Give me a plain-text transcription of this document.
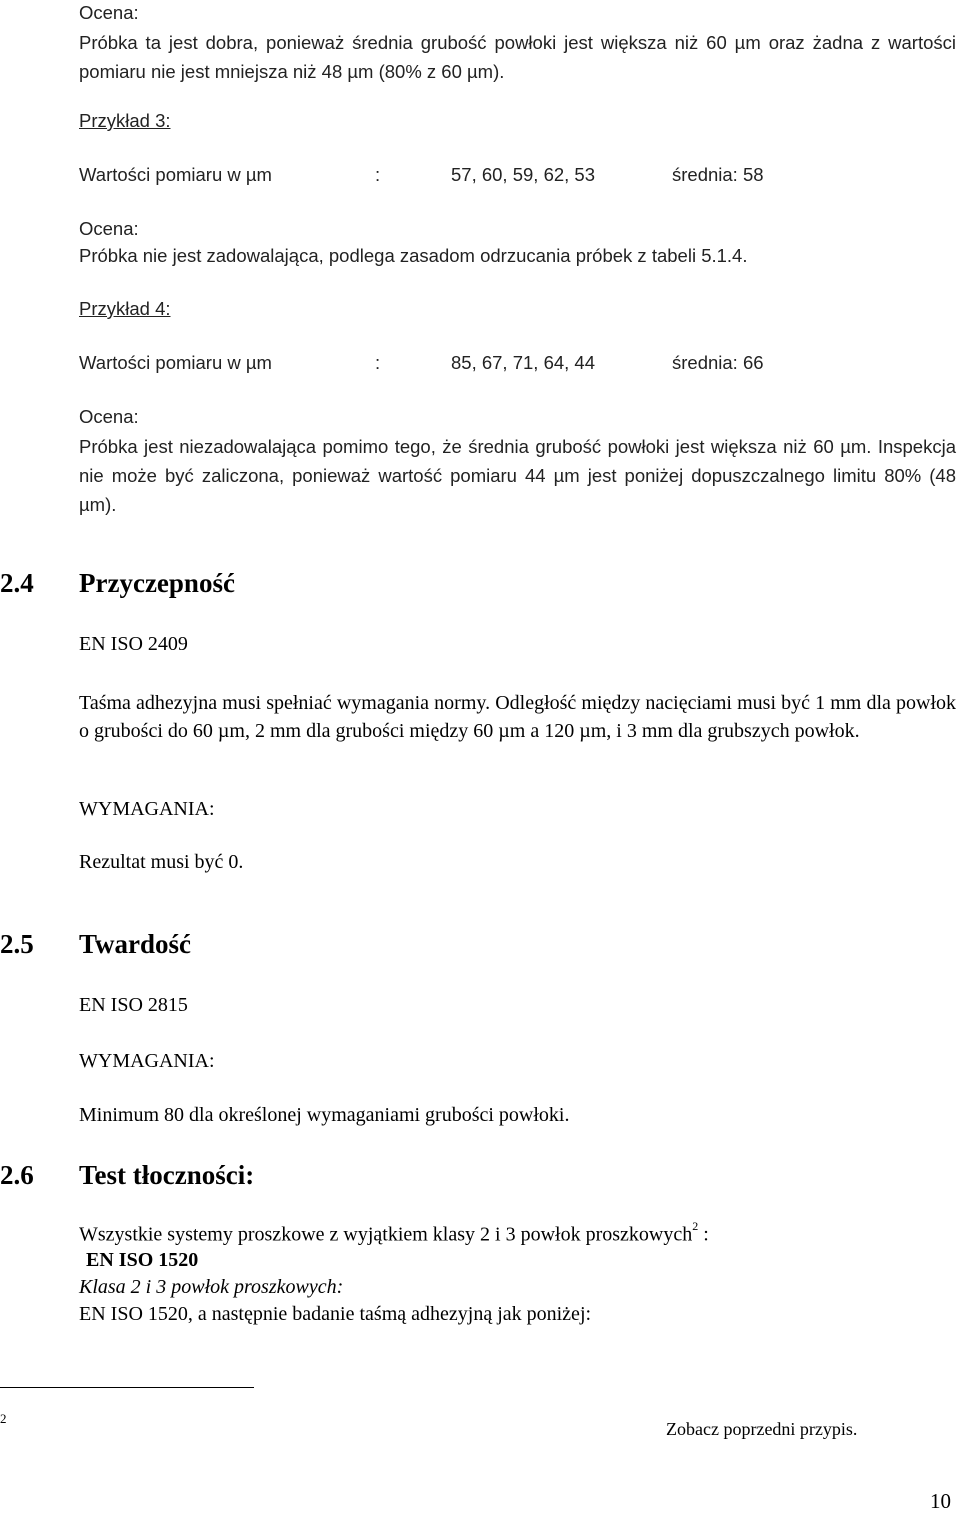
Ocena:
Próbka ta jest dobra, ponieważ średnia grubość powłoki jest większa niż 60 µm oraz żadna z wartości pomiaru nie jest mniejsza niż 48 µm (80% z 60 µm).
Przykład 3:
Wartości pomiaru w µm	:	57, 60, 59, 62, 53	średnia: 58
Ocena:
Próbka nie jest zadowalająca, podlega zasadom odrzucania próbek z tabeli 5.1.4.
Przykład 4:
Wartości pomiaru w µm	:	85, 67, 71, 64, 44	średnia: 66
Ocena:
Próbka jest niezadowalająca pomimo tego, że średnia grubość powłoki jest większa niż 60 µm. Inspekcja nie może być zaliczona, ponieważ wartość pomiaru 44 µm jest poniżej dopuszczalnego limitu 80% (48 µm).
2.4 Przyczepność
EN ISO 2409
Taśma adhezyjna musi spełniać wymagania normy. Odległość między nacięciami musi być 1 mm dla powłok o grubości do 60 µm, 2 mm dla grubości między 60 µm a 120 µm, i 3 mm dla grubszych powłok.
WYMAGANIA:
Rezultat musi być 0.
2.5 Twardość
EN ISO 2815
WYMAGANIA:
Minimum 80 dla określonej wymaganiami grubości powłoki.
2.6 Test tłoczności:
Wszystkie systemy proszkowe z wyjątkiem klasy 2 i 3 powłok proszkowych$^2$ :
EN ISO 1520
Klasa 2 i 3 powłok proszkowych:
EN ISO 1520, a następnie badanie taśmą adhezyjną jak poniżej:
2
Zobacz poprzedni przypis.
10
